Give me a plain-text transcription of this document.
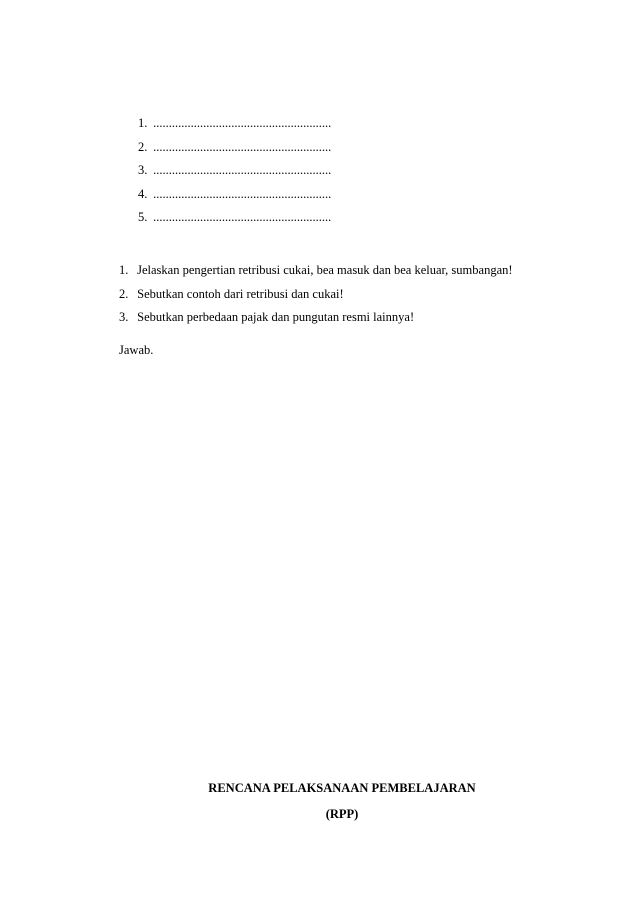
1. .........................................................
2. .........................................................
3. .........................................................
4. .........................................................
5. .........................................................
1. Jelaskan pengertian retribusi cukai, bea masuk dan bea keluar, sumbangan!
2. Sebutkan contoh dari retribusi dan cukai!
3. Sebutkan perbedaan pajak dan pungutan resmi lainnya!

Jawab.

RENCANA PELAKSANAAN PEMBELAJARAN

(RPP)
